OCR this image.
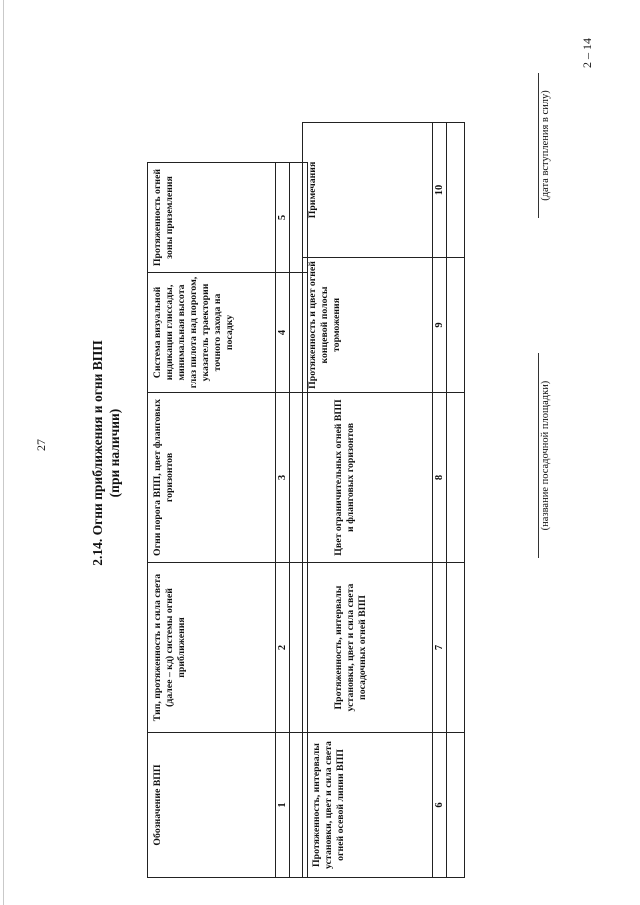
27
2 – 14
2.14. Огни приближения и огни ВПП (при наличии)
Обозначение ВПП	Тип, протяженность и сила света (далее – кд) системы огней приближения	Огни порога ВПП, цвет фланговых горизонтов	Система визуальной индикации глиссады, минимальная высота глаз пилота над порогом, указатель траектории точного захода на посадку	Протяженность огней зоны приземления
1	2	3	4	5

Протяженность, интервалы установки, цвет и сила света огней осевой линии ВПП	Протяженность, интервалы установки, цвет и сила света посадочных огней ВПП	Цвет ограничительных огней ВПП и фланговых горизонтов	Протяженность и цвет огней концевой полосы торможения	Примечания
6	7	8	9	10

(название посадочной площадки)
(дата вступления в силу)
